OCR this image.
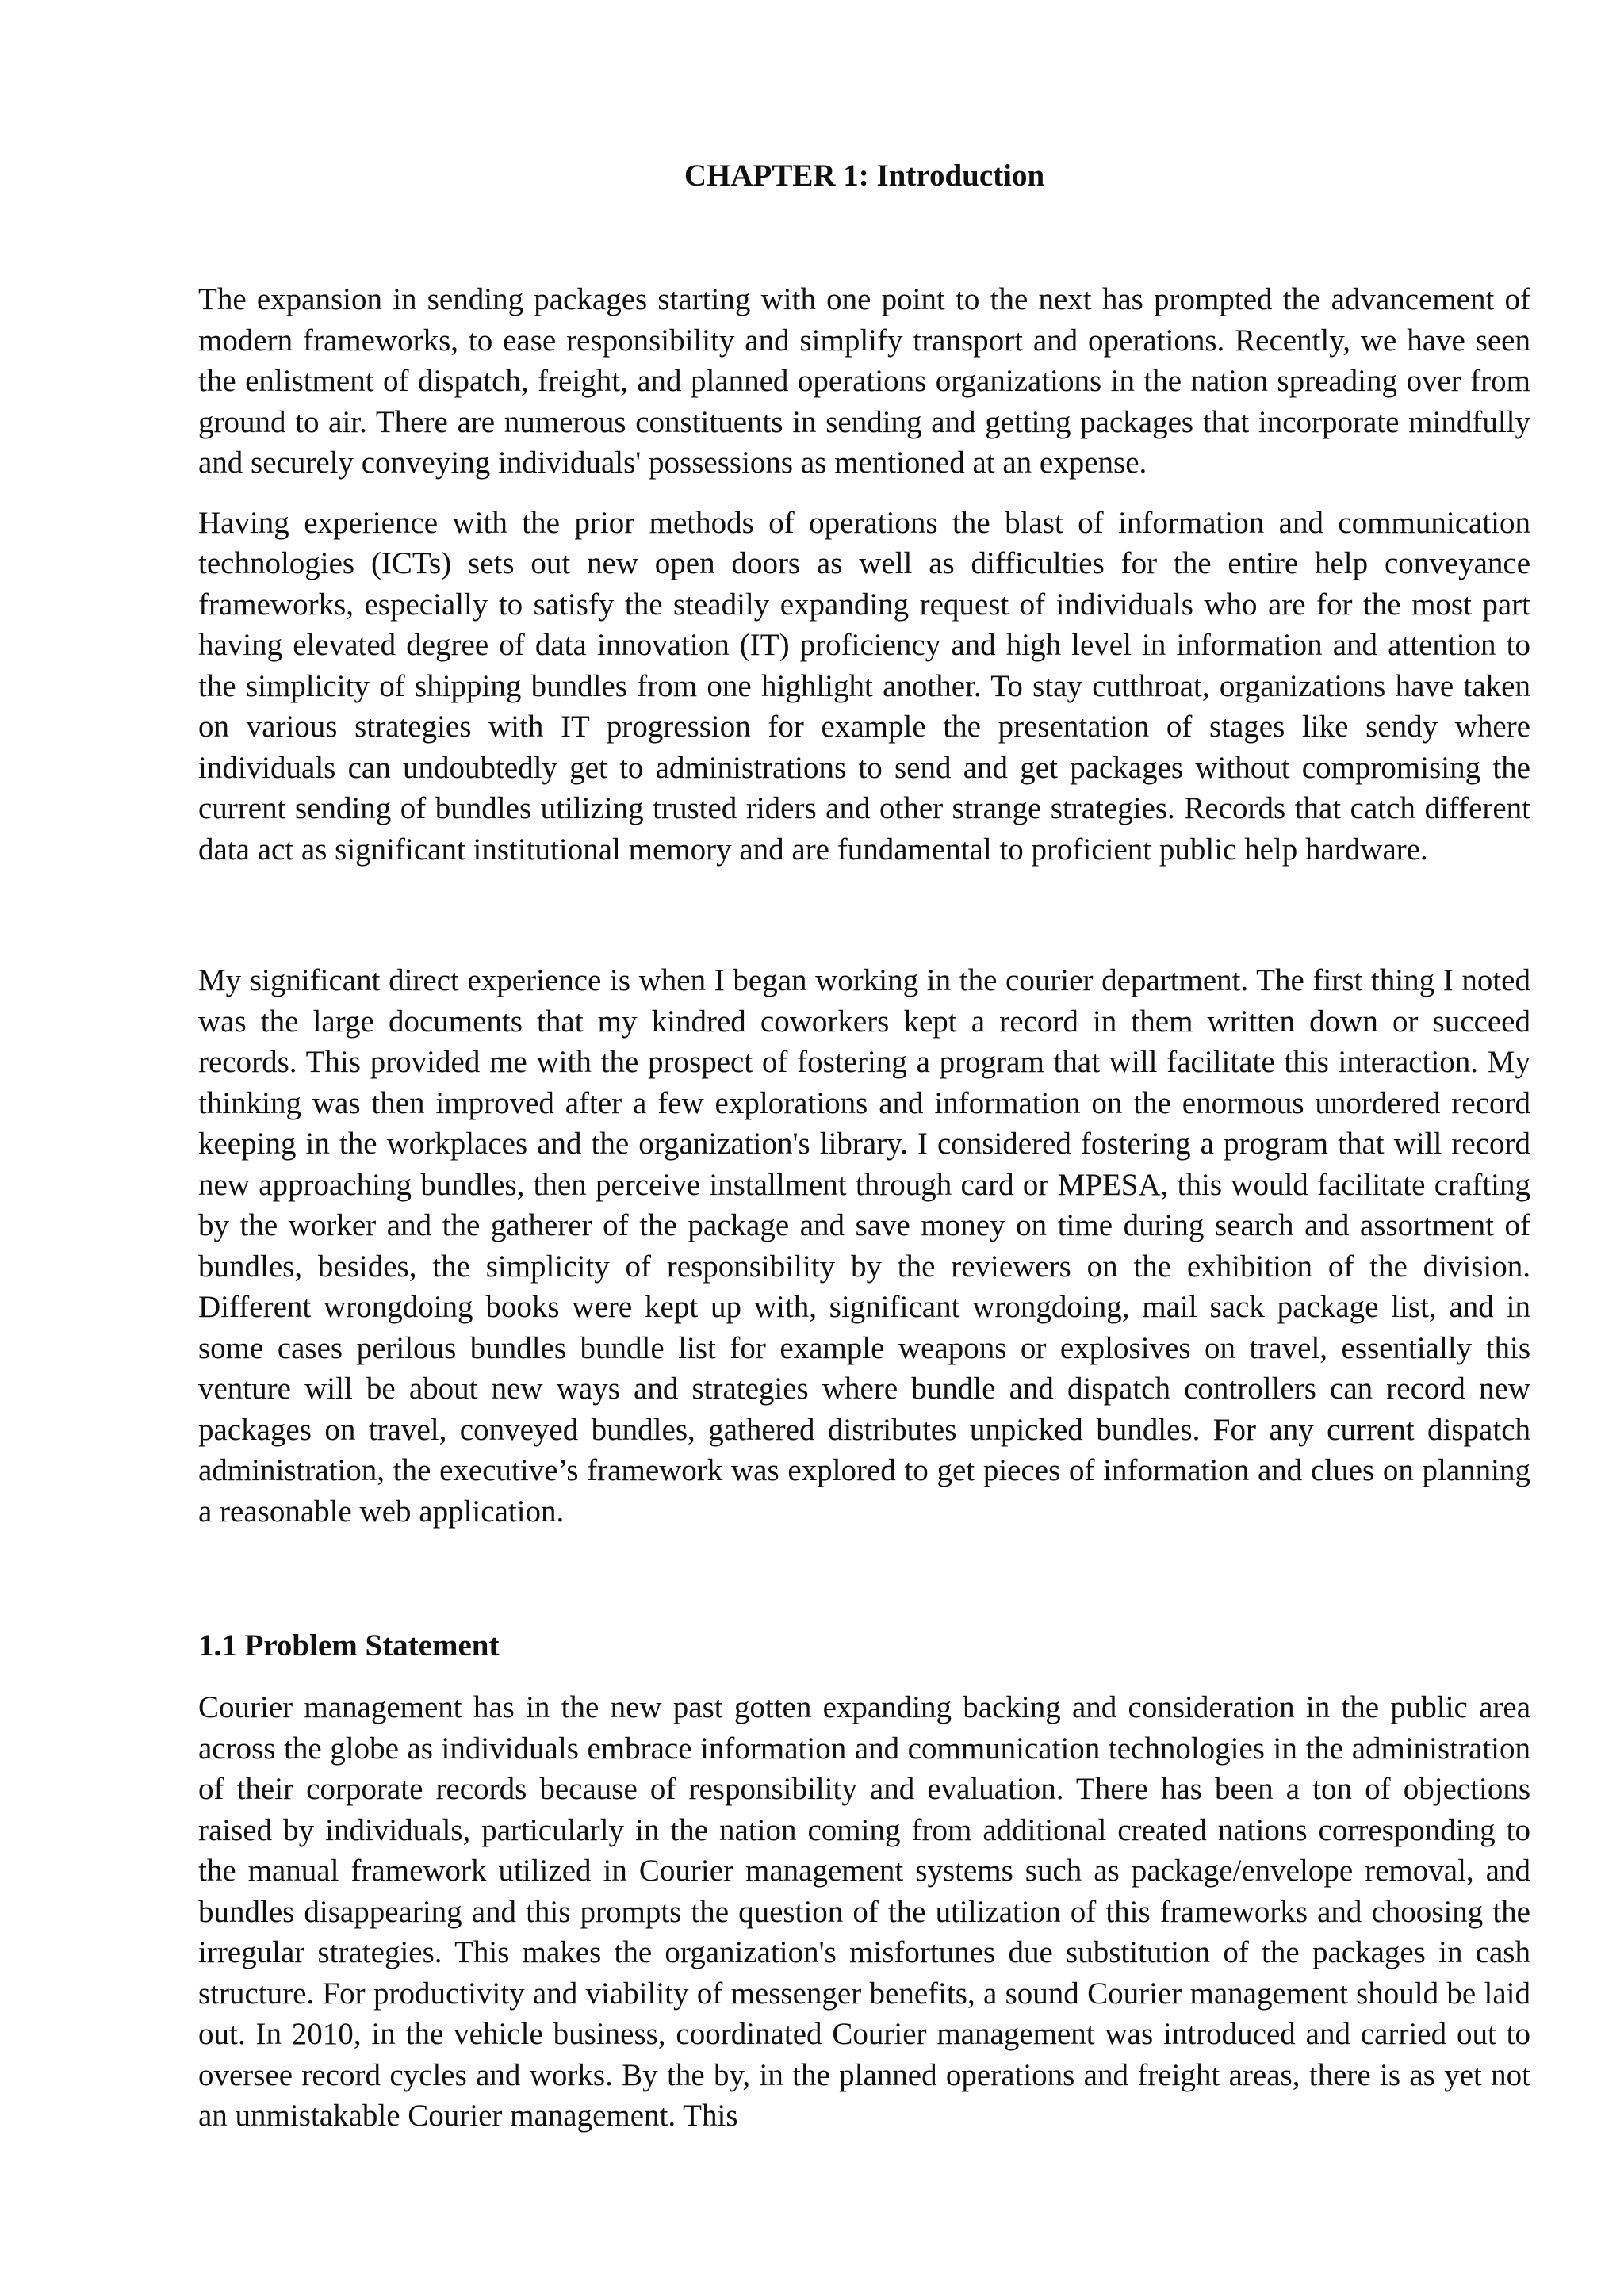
CHAPTER 1: Introduction

The expansion in sending packages starting with one point to the next has prompted the advancement of modern frameworks, to ease responsibility and simplify transport and operations. Recently, we have seen the enlistment of dispatch, freight, and planned operations organizations in the nation spreading over from ground to air. There are numerous constituents in sending and getting packages that incorporate mindfully and securely conveying individuals' possessions as mentioned at an expense.

Having experience with the prior methods of operations the blast of information and communication technologies (ICTs) sets out new open doors as well as difficulties for the entire help conveyance frameworks, especially to satisfy the steadily expanding request of individuals who are for the most part having elevated degree of data innovation (IT) proficiency and high level in information and attention to the simplicity of shipping bundles from one highlight another. To stay cutthroat, organizations have taken on various strategies with IT progression for example the presentation of stages like sendy where individuals can undoubtedly get to administrations to send and get packages without compromising the current sending of bundles utilizing trusted riders and other strange strategies. Records that catch different data act as significant institutional memory and are fundamental to proficient public help hardware.

My significant direct experience is when I began working in the courier department. The first thing I noted was the large documents that my kindred coworkers kept a record in them written down or succeed records. This provided me with the prospect of fostering a program that will facilitate this interaction. My thinking was then improved after a few explorations and information on the enormous unordered record keeping in the workplaces and the organization's library. I considered fostering a program that will record new approaching bundles, then perceive installment through card or MPESA, this would facilitate crafting by the worker and the gatherer of the package and save money on time during search and assortment of bundles, besides, the simplicity of responsibility by the reviewers on the exhibition of the division. Different wrongdoing books were kept up with, significant wrongdoing, mail sack package list, and in some cases perilous bundles bundle list for example weapons or explosives on travel, essentially this venture will be about new ways and strategies where bundle and dispatch controllers can record new packages on travel, conveyed bundles, gathered distributes unpicked bundles. For any current dispatch administration, the executive’s framework was explored to get pieces of information and clues on planning a reasonable web application.

1.1 Problem Statement

Courier management has in the new past gotten expanding backing and consideration in the public area across the globe as individuals embrace information and communication technologies in the administration of their corporate records because of responsibility and evaluation. There has been a ton of objections raised by individuals, particularly in the nation coming from additional created nations corresponding to the manual framework utilized in Courier management systems such as package/envelope removal, and bundles disappearing and this prompts the question of the utilization of this frameworks and choosing the irregular strategies. This makes the organization's misfortunes due substitution of the packages in cash structure. For productivity and viability of messenger benefits, a sound Courier management should be laid out. In 2010, in the vehicle business, coordinated Courier management was introduced and carried out to oversee record cycles and works. By the by, in the planned operations and freight areas, there is as yet not an unmistakable Courier management. This
